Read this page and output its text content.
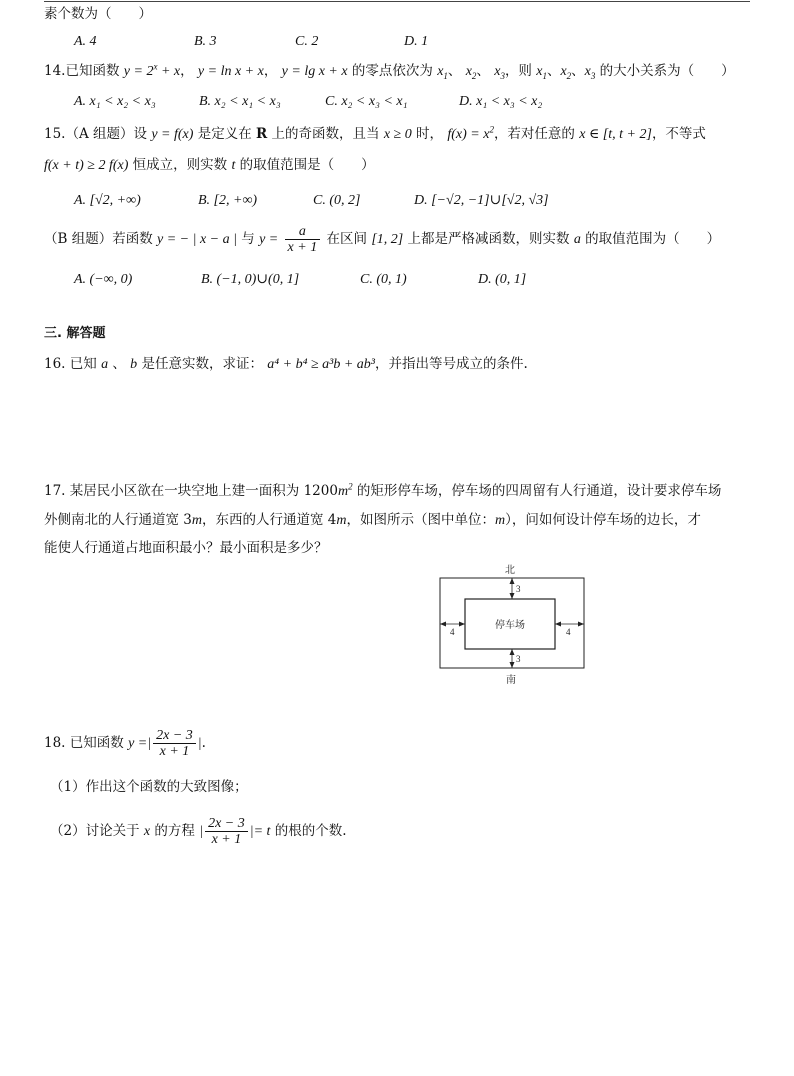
素个数为（　　）
A. 4	B. 3	C. 2	D. 1
14.已知函数 $y = 2^x + x$， y = ln x + x， y = lg x + x 的零点依次为 $x_1$、 $x_2$、 $x_3$，则 $x_1$、$x_2$、$x_3$ 的大小关系为（　　）
A. x₁ < x₂ < x₃	B. x₂ < x₁ < x₃	C. x₂ < x₃ < x₁	D. x₁ < x₃ < x₂
15.（A 组题）设 y = f(x) 是定义在 R 上的奇函数，且当 x ≥ 0 时， $f(x) = x^2$，若对任意的 x ∈ [t, t + 2]，不等式
f(x + t) ≥ 2 f(x) 恒成立，则实数 t 的取值范围是（　　）
A. [√2, +∞)	B. [2, +∞)	C. (0, 2]	D. [−√2, −1]∪[√2, √3]
（B 组题）若函数 y = − | x − a | 与 $y = \frac{a}{x + 1}$ 在区间 [1, 2] 上都是严格减函数，则实数 a 的取值范围为（　　）
A. (−∞, 0)	B. (−1, 0)∪(0, 1]	C. (0, 1)	D. (0, 1]
三. 解答题
16. 已知 a 、 b 是任意实数，求证： a⁴ + b⁴ ≥ a³b + ab³，并指出等号成立的条件.
17. 某居民小区欲在一块空地上建一面积为 $1200m^2$ 的矩形停车场，停车场的四周留有人行通道，设计要求停车场
外侧南北的人行通道宽 3m，东西的人行通道宽 4m，如图所示（图中单位：m），问如何设计停车场的边长，才
能使人行通道占地面积最小？最小面积是多少？
北
南
停车场
3
3
4	4
18. 已知函数 y =| $\frac{2x - 3}{x + 1}$ |.
（1）作出这个函数的大致图像；
（2）讨论关于 x 的方程 | $\frac{2x - 3}{x + 1}$ |= t 的根的个数.
